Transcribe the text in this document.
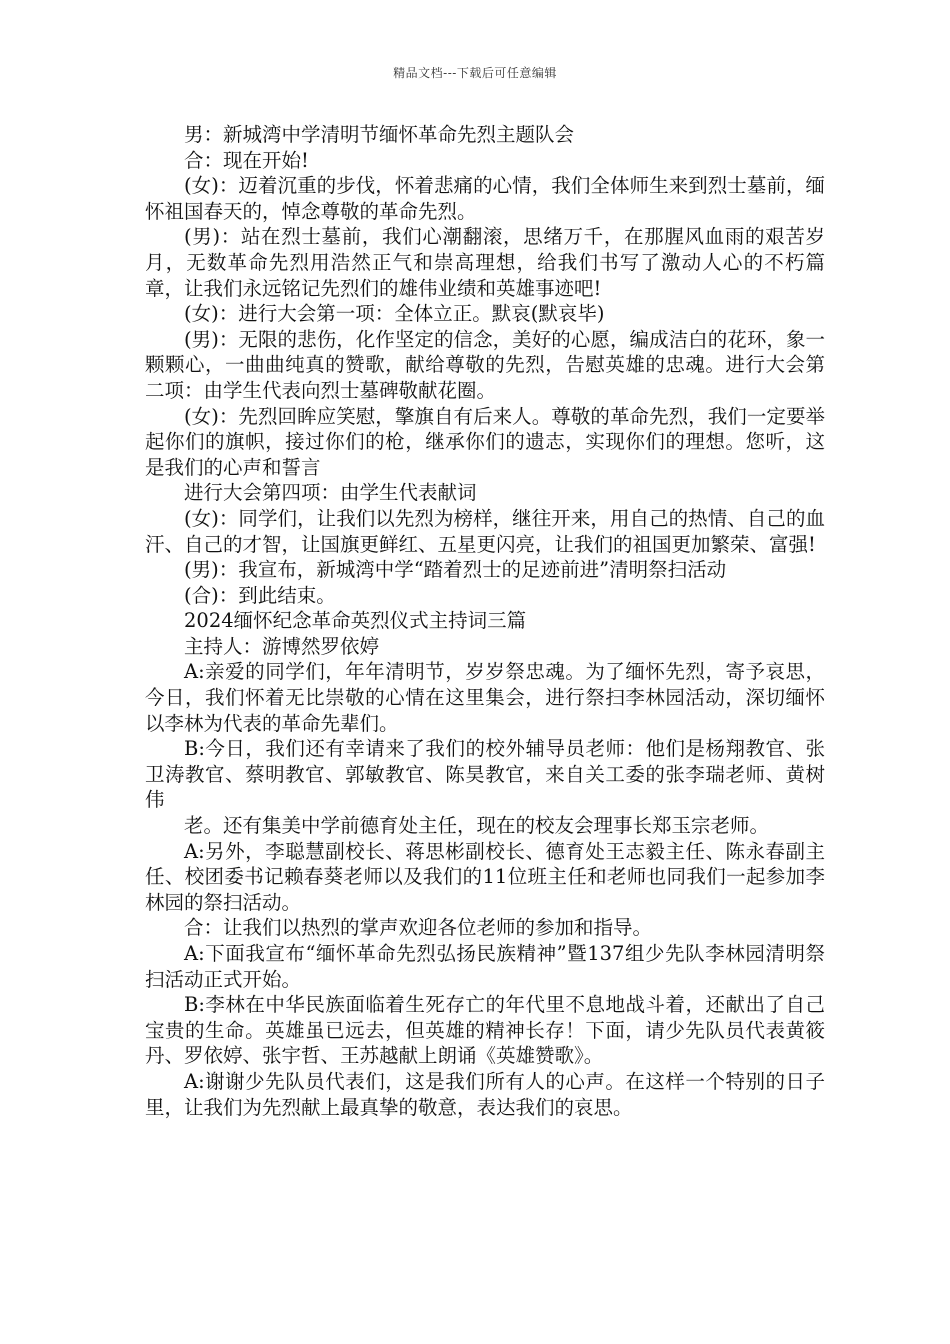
精品文档---下载后可任意编辑

男：新城湾中学清明节缅怀革命先烈主题队会

合：现在开始!

(女)：迈着沉重的步伐，怀着悲痛的心情，我们全体师生来到烈士墓前，缅怀祖国春天的，悼念尊敬的革命先烈。

(男)：站在烈士墓前，我们心潮翻滚，思绪万千，在那腥风血雨的艰苦岁月，无数革命先烈用浩然正气和崇高理想，给我们书写了激动人心的不朽篇章，让我们永远铭记先烈们的雄伟业绩和英雄事迹吧!

(女)：进行大会第一项：全体立正。默哀(默哀毕)

(男)：无限的悲伤，化作坚定的信念，美好的心愿，编成洁白的花环，象一颗颗心，一曲曲纯真的赞歌，献给尊敬的先烈，告慰英雄的忠魂。进行大会第二项：由学生代表向烈士墓碑敬献花圈。

(女)：先烈回眸应笑慰，擎旗自有后来人。尊敬的革命先烈，我们一定要举起你们的旗帜，接过你们的枪，继承你们的遗志，实现你们的理想。您听，这是我们的心声和誓言

进行大会第四项：由学生代表献词

(女)：同学们，让我们以先烈为榜样，继往开来，用自己的热情、自己的血汗、自己的才智，让国旗更鲜红、五星更闪亮，让我们的祖国更加繁荣、富强!

(男)：我宣布，新城湾中学“踏着烈士的足迹前进”清明祭扫活动

(合)：到此结束。

2024缅怀纪念革命英烈仪式主持词三篇

主持人：游博然罗依婷

A:亲爱的同学们，年年清明节，岁岁祭忠魂。为了缅怀先烈，寄予哀思，今日，我们怀着无比崇敬的心情在这里集会，进行祭扫李林园活动，深切缅怀以李林为代表的革命先辈们。

B:今日，我们还有幸请来了我们的校外辅导员老师：他们是杨翔教官、张卫涛教官、蔡明教官、郭敏教官、陈昊教官，来自关工委的张李瑞老师、黄树伟

老。还有集美中学前德育处主任，现在的校友会理事长郑玉宗老师。

A:另外，李聪慧副校长、蒋思彬副校长、德育处王志毅主任、陈永春副主任、校团委书记赖春葵老师以及我们的11位班主任和老师也同我们一起参加李林园的祭扫活动。

合：让我们以热烈的掌声欢迎各位老师的参加和指导。

A:下面我宣布“缅怀革命先烈弘扬民族精神”暨137组少先队李林园清明祭扫活动正式开始。

B:李林在中华民族面临着生死存亡的年代里不息地战斗着，还献出了自己宝贵的生命。英雄虽已远去，但英雄的精神长存！下面，请少先队员代表黄筱丹、罗依婷、张宇哲、王苏越献上朗诵《英雄赞歌》。

A:谢谢少先队员代表们，这是我们所有人的心声。在这样一个特别的日子里，让我们为先烈献上最真挚的敬意，表达我们的哀思。
